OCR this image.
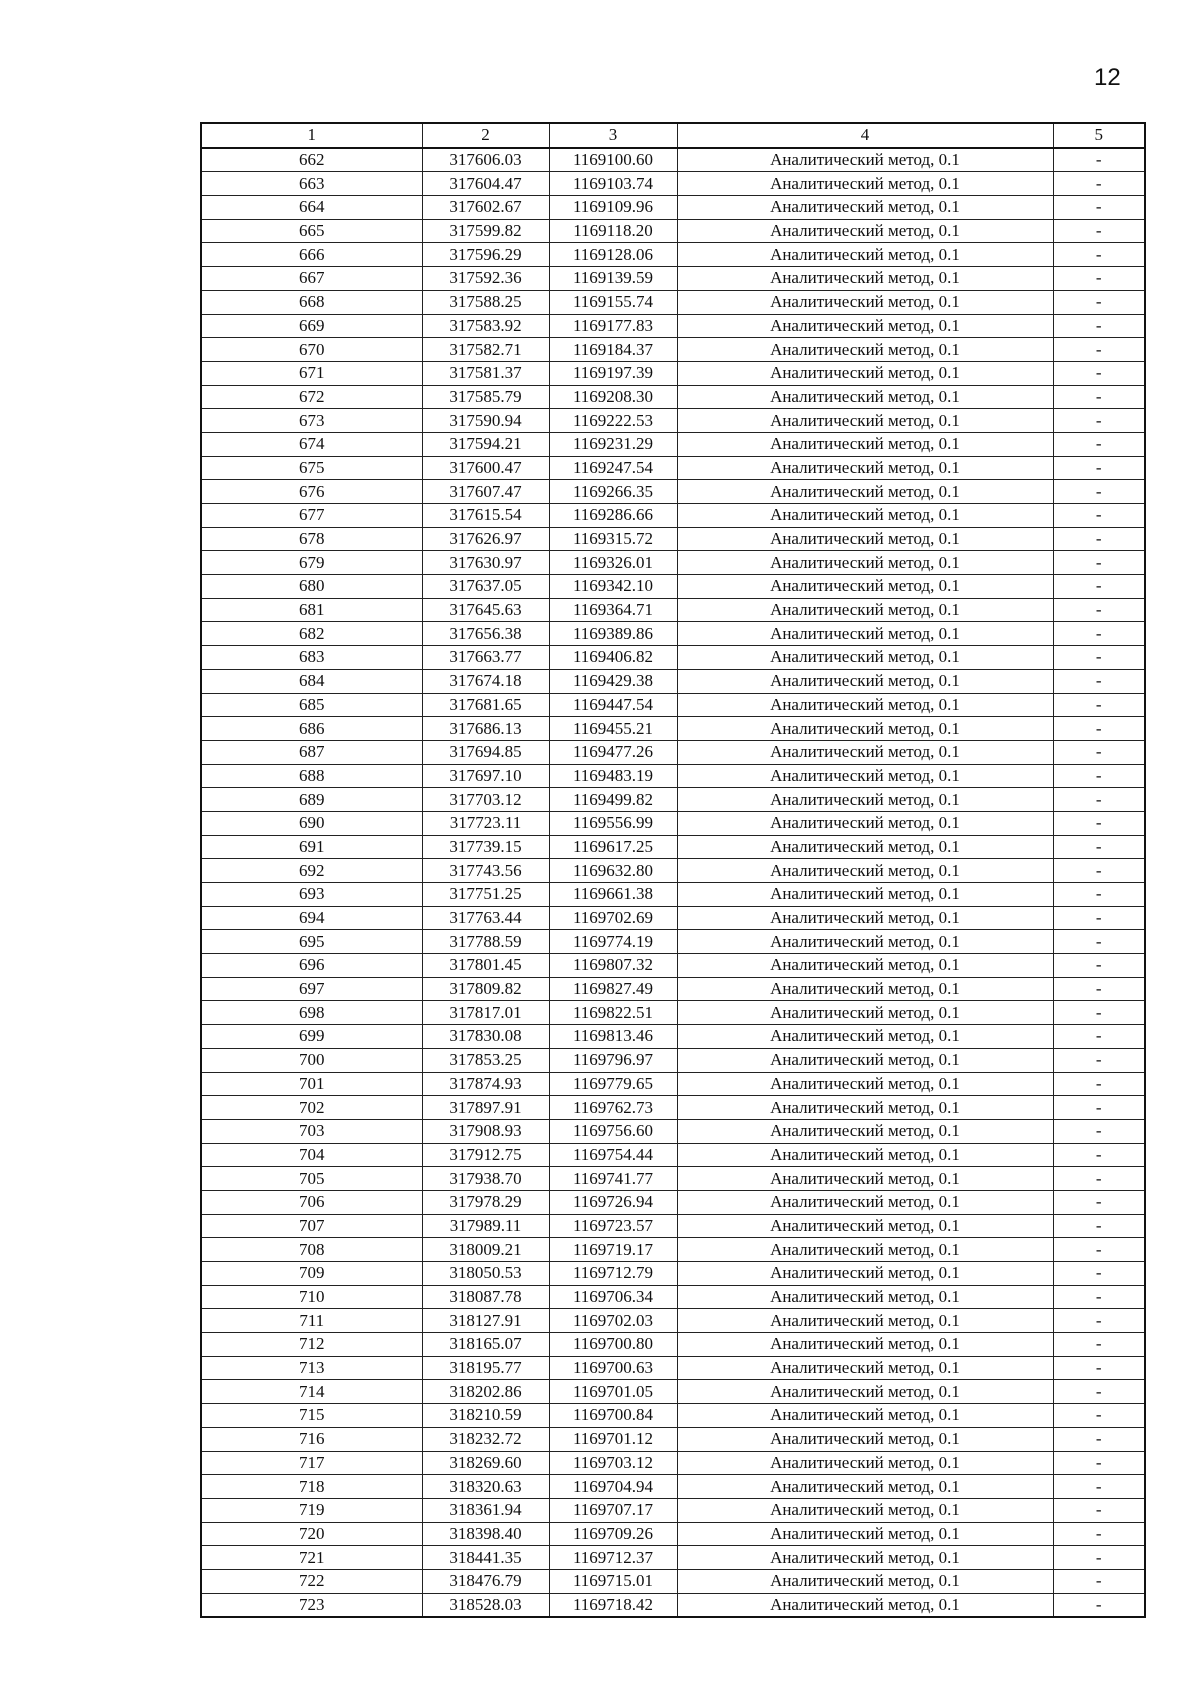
12
1	2	3	4	5
662	317606.03	1169100.60	Аналитический метод, 0.1	-
663	317604.47	1169103.74	Аналитический метод, 0.1	-
664	317602.67	1169109.96	Аналитический метод, 0.1	-
665	317599.82	1169118.20	Аналитический метод, 0.1	-
666	317596.29	1169128.06	Аналитический метод, 0.1	-
667	317592.36	1169139.59	Аналитический метод, 0.1	-
668	317588.25	1169155.74	Аналитический метод, 0.1	-
669	317583.92	1169177.83	Аналитический метод, 0.1	-
670	317582.71	1169184.37	Аналитический метод, 0.1	-
671	317581.37	1169197.39	Аналитический метод, 0.1	-
672	317585.79	1169208.30	Аналитический метод, 0.1	-
673	317590.94	1169222.53	Аналитический метод, 0.1	-
674	317594.21	1169231.29	Аналитический метод, 0.1	-
675	317600.47	1169247.54	Аналитический метод, 0.1	-
676	317607.47	1169266.35	Аналитический метод, 0.1	-
677	317615.54	1169286.66	Аналитический метод, 0.1	-
678	317626.97	1169315.72	Аналитический метод, 0.1	-
679	317630.97	1169326.01	Аналитический метод, 0.1	-
680	317637.05	1169342.10	Аналитический метод, 0.1	-
681	317645.63	1169364.71	Аналитический метод, 0.1	-
682	317656.38	1169389.86	Аналитический метод, 0.1	-
683	317663.77	1169406.82	Аналитический метод, 0.1	-
684	317674.18	1169429.38	Аналитический метод, 0.1	-
685	317681.65	1169447.54	Аналитический метод, 0.1	-
686	317686.13	1169455.21	Аналитический метод, 0.1	-
687	317694.85	1169477.26	Аналитический метод, 0.1	-
688	317697.10	1169483.19	Аналитический метод, 0.1	-
689	317703.12	1169499.82	Аналитический метод, 0.1	-
690	317723.11	1169556.99	Аналитический метод, 0.1	-
691	317739.15	1169617.25	Аналитический метод, 0.1	-
692	317743.56	1169632.80	Аналитический метод, 0.1	-
693	317751.25	1169661.38	Аналитический метод, 0.1	-
694	317763.44	1169702.69	Аналитический метод, 0.1	-
695	317788.59	1169774.19	Аналитический метод, 0.1	-
696	317801.45	1169807.32	Аналитический метод, 0.1	-
697	317809.82	1169827.49	Аналитический метод, 0.1	-
698	317817.01	1169822.51	Аналитический метод, 0.1	-
699	317830.08	1169813.46	Аналитический метод, 0.1	-
700	317853.25	1169796.97	Аналитический метод, 0.1	-
701	317874.93	1169779.65	Аналитический метод, 0.1	-
702	317897.91	1169762.73	Аналитический метод, 0.1	-
703	317908.93	1169756.60	Аналитический метод, 0.1	-
704	317912.75	1169754.44	Аналитический метод, 0.1	-
705	317938.70	1169741.77	Аналитический метод, 0.1	-
706	317978.29	1169726.94	Аналитический метод, 0.1	-
707	317989.11	1169723.57	Аналитический метод, 0.1	-
708	318009.21	1169719.17	Аналитический метод, 0.1	-
709	318050.53	1169712.79	Аналитический метод, 0.1	-
710	318087.78	1169706.34	Аналитический метод, 0.1	-
711	318127.91	1169702.03	Аналитический метод, 0.1	-
712	318165.07	1169700.80	Аналитический метод, 0.1	-
713	318195.77	1169700.63	Аналитический метод, 0.1	-
714	318202.86	1169701.05	Аналитический метод, 0.1	-
715	318210.59	1169700.84	Аналитический метод, 0.1	-
716	318232.72	1169701.12	Аналитический метод, 0.1	-
717	318269.60	1169703.12	Аналитический метод, 0.1	-
718	318320.63	1169704.94	Аналитический метод, 0.1	-
719	318361.94	1169707.17	Аналитический метод, 0.1	-
720	318398.40	1169709.26	Аналитический метод, 0.1	-
721	318441.35	1169712.37	Аналитический метод, 0.1	-
722	318476.79	1169715.01	Аналитический метод, 0.1	-
723	318528.03	1169718.42	Аналитический метод, 0.1	-
